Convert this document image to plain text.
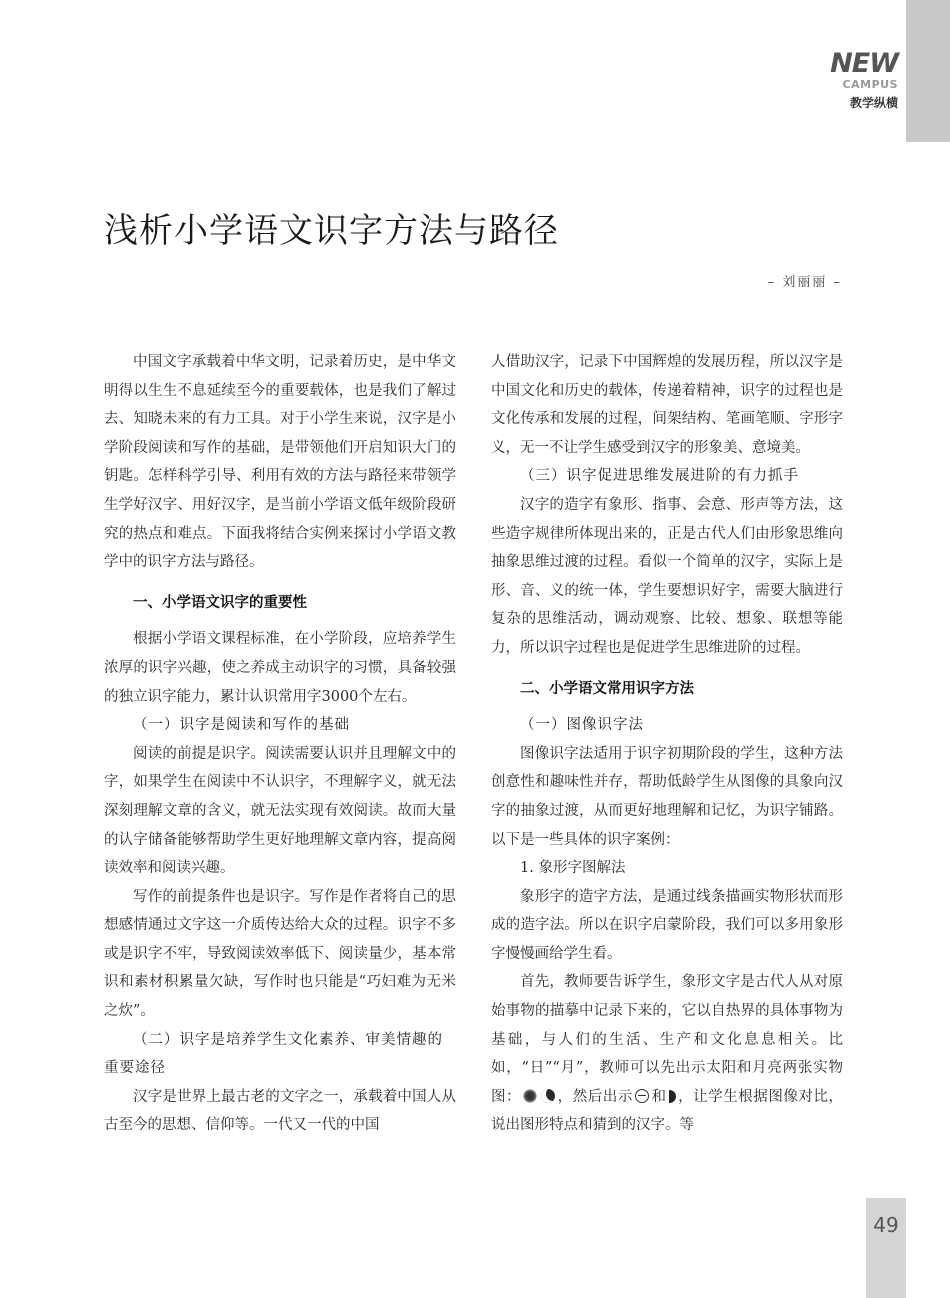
NEW
CAMPUS
教学纵横
浅析小学语文识字方法与路径
– 刘丽丽 –

中国文字承载着中华文明，记录着历史，是中华文明得以生生不息延续至今的重要载体，也是我们了解过去、知晓未来的有力工具。对于小学生来说，汉字是小学阶段阅读和写作的基础，是带领他们开启知识大门的钥匙。怎样科学引导、利用有效的方法与路径来带领学生学好汉字、用好汉字，是当前小学语文低年级阶段研究的热点和难点。下面我将结合实例来探讨小学语文教学中的识字方法与路径。

一、小学语文识字的重要性

根据小学语文课程标准，在小学阶段，应培养学生浓厚的识字兴趣，使之养成主动识字的习惯，具备较强的独立识字能力，累计认识常用字3000个左右。

（一）识字是阅读和写作的基础

阅读的前提是识字。阅读需要认识并且理解文中的字，如果学生在阅读中不认识字，不理解字义，就无法深刻理解文章的含义，就无法实现有效阅读。故而大量的认字储备能够帮助学生更好地理解文章内容，提高阅读效率和阅读兴趣。

写作的前提条件也是识字。写作是作者将自己的思想感情通过文字这一介质传达给大众的过程。识字不多或是识字不牢，导致阅读效率低下、阅读量少，基本常识和素材积累量欠缺，写作时也只能是“巧妇难为无米之炊”。

（二）识字是培养学生文化素养、审美情趣的重要途径

汉字是世界上最古老的文字之一，承载着中国人从古至今的思想、信仰等。一代又一代的中国

人借助汉字，记录下中国辉煌的发展历程，所以汉字是中国文化和历史的载体，传递着精神，识字的过程也是文化传承和发展的过程，间架结构、笔画笔顺、字形字义，无一不让学生感受到汉字的形象美、意境美。

（三）识字促进思维发展进阶的有力抓手

汉字的造字有象形、指事、会意、形声等方法，这些造字规律所体现出来的，正是古代人们由形象思维向抽象思维过渡的过程。看似一个简单的汉字，实际上是形、音、义的统一体，学生要想识好字，需要大脑进行复杂的思维活动，调动观察、比较、想象、联想等能力，所以识字过程也是促进学生思维进阶的过程。

二、小学语文常用识字方法
（一）图像识字法

图像识字法适用于识字初期阶段的学生，这种方法创意性和趣味性并存，帮助低龄学生从图像的具象向汉字的抽象过渡，从而更好地理解和记忆，为识字铺路。以下是一些具体的识字案例：

1. 象形字图解法

象形字的造字方法，是通过线条描画实物形状而形成的造字法。所以在识字启蒙阶段，我们可以多用象形字慢慢画给学生看。

首先，教师要告诉学生，象形文字是古代人从对原始事物的描摹中记录下来的，它以自热界的具体事物为基础，与人们的生活、生产和文化息息相关。比如，“日”“月”，教师可以先出示太阳和月亮两张实物图： ，然后出示 和 ，让学生根据图像对比，说出图形特点和猜到的汉字。等

49
